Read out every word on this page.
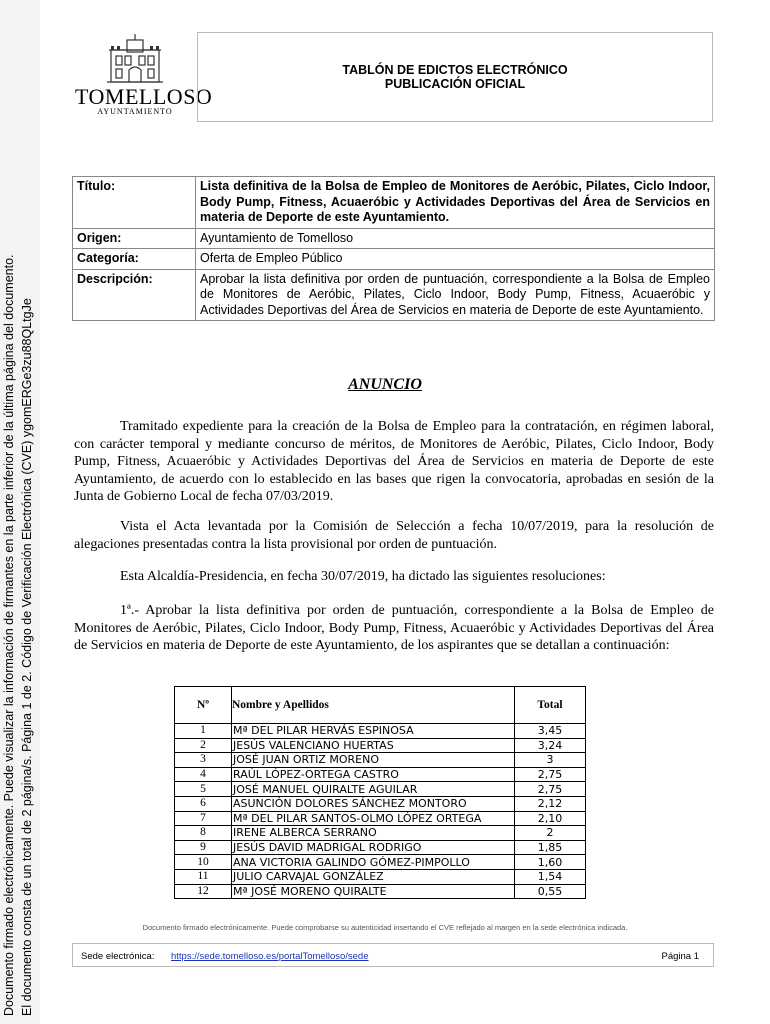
Documento firmado electrónicamente. Puede visualizar la información de firmantes en la parte inferior de la última página del documento. El documento consta de un total de 2 página/s. Página 1 de 2. Código de Verificación Electrónica (CVE) ygomERGe3zu88QLtgJe
TOMELLOSO
AYUNTAMIENTO
TABLÓN DE EDICTOS ELECTRÓNICO
PUBLICACIÓN OFICIAL
Título:	Lista definitiva de la Bolsa de Empleo de Monitores de Aeróbic, Pilates, Ciclo Indoor, Body Pump, Fitness, Acuaeróbic y Actividades Deportivas del Área de Servicios en materia de Deporte de este Ayuntamiento.
Origen:	Ayuntamiento de Tomelloso
Categoría:	Oferta de Empleo Público
Descripción:	Aprobar la lista definitiva por orden de puntuación, correspondiente a la Bolsa de Empleo de Monitores de Aeróbic, Pilates, Ciclo Indoor, Body Pump, Fitness, Acuaeróbic y Actividades Deportivas del Área de Servicios en materia de Deporte de este Ayuntamiento.
ANUNCIO
Tramitado expediente para la creación de la Bolsa de Empleo para la contratación, en régimen laboral, con carácter temporal y mediante concurso de méritos, de Monitores de Aeróbic, Pilates, Ciclo Indoor, Body Pump, Fitness, Acuaeróbic y Actividades Deportivas del Área de Servicios en materia de Deporte de este Ayuntamiento, de acuerdo con lo establecido en las bases que rigen la convocatoria, aprobadas en sesión de la Junta de Gobierno Local de fecha 07/03/2019.
Vista el Acta levantada por la Comisión de Selección a fecha 10/07/2019, para la resolución de alegaciones presentadas contra la lista provisional por orden de puntuación.
Esta Alcaldía-Presidencia, en fecha 30/07/2019, ha dictado las siguientes resoluciones:
1ª.- Aprobar la lista definitiva por orden de puntuación, correspondiente a la Bolsa de Empleo de Monitores de Aeróbic, Pilates, Ciclo Indoor, Body Pump, Fitness, Acuaeróbic y Actividades Deportivas del Área de Servicios en materia de Deporte de este Ayuntamiento, de los aspirantes que se detallan a continuación:
Nº	Nombre y Apellidos	Total
1	Mª DEL PILAR HERVÁS ESPINOSA	3,45
2	JESÚS VALENCIANO HUERTAS	3,24
3	JOSÉ JUAN ORTIZ MORENO	3
4	RAÚL LÓPEZ-ORTEGA CASTRO	2,75
5	JOSÉ MANUEL QUIRALTE AGUILAR	2,75
6	ASUNCIÓN DOLORES SÁNCHEZ MONTORO	2,12
7	Mª DEL PILAR SANTOS-OLMO LÓPEZ ORTEGA	2,10
8	IRENE ALBERCA SERRANO	2
9	JESÚS DAVID MADRIGAL RODRIGO	1,85
10	ANA VICTORIA GALINDO GÓMEZ-PIMPOLLO	1,60
11	JULIO CARVAJAL GONZÁLEZ	1,54
12	Mª JOSÉ MORENO QUIRALTE	0,55
Documento firmado electrónicamente. Puede comprobarse su autenticidad insertando el CVE reflejado al margen en la sede electrónica indicada.
Sede electrónica: https://sede.tomelloso.es/portalTomelloso/sede	Página 1
